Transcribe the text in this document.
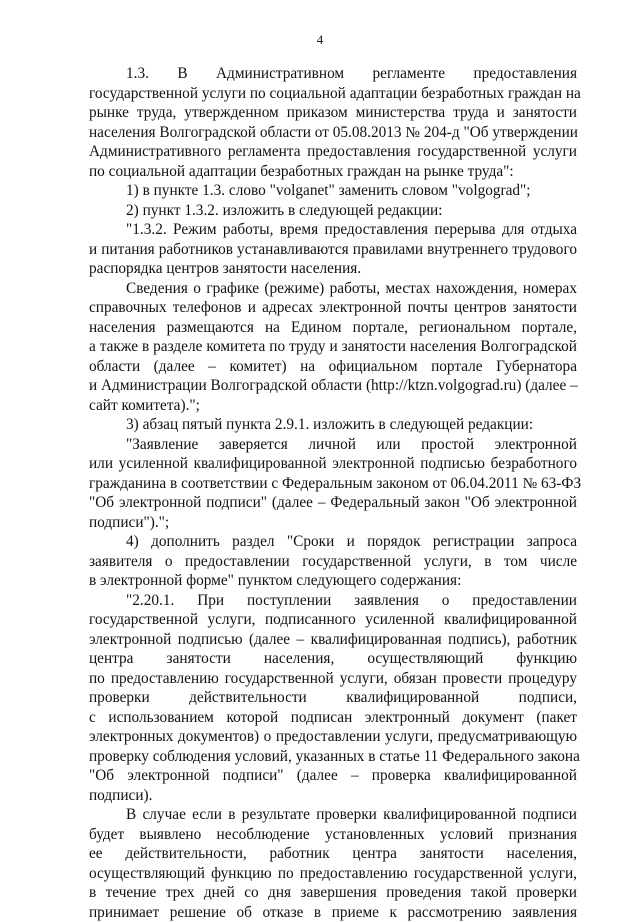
4
1.3. В Административном регламенте предоставления
государственной услуги по социальной адаптации безработных граждан на
рынке труда, утвержденном приказом министерства труда и занятости
населения Волгоградской области от 05.08.2013 № 204-д "Об утверждении
Административного регламента предоставления государственной услуги
по социальной адаптации безработных граждан на рынке труда":
1) в пункте 1.3. слово "volganet" заменить словом "volgograd";
2) пункт 1.3.2. изложить в следующей редакции:
"1.3.2. Режим работы, время предоставления перерыва для отдыха
и питания работников устанавливаются правилами внутреннего трудового
распорядка центров занятости населения.
Сведения о графике (режиме) работы, местах нахождения, номерах
справочных телефонов и адресах электронной почты центров занятости
населения размещаются на Едином портале, региональном портале,
а также в разделе комитета по труду и занятости населения Волгоградской
области (далее – комитет) на официальном портале Губернатора
и Администрации Волгоградской области (http://ktzn.volgograd.ru) (далее –
сайт комитета).";
3) абзац пятый пункта 2.9.1. изложить в следующей редакции:
"Заявление заверяется личной или простой электронной
или усиленной квалифицированной электронной подписью безработного
гражданина в соответствии с Федеральным законом от 06.04.2011 № 63-ФЗ
"Об электронной подписи" (далее – Федеральный закон "Об электронной
подписи").";
4) дополнить раздел "Сроки и порядок регистрации запроса
заявителя о предоставлении государственной услуги, в том числе
в электронной форме" пунктом следующего содержания:
"2.20.1. При поступлении заявления о предоставлении
государственной услуги, подписанного усиленной квалифицированной
электронной подписью (далее – квалифицированная подпись), работник
центра занятости населения, осуществляющий функцию
по предоставлению государственной услуги, обязан провести процедуру
проверки действительности квалифицированной подписи,
с использованием которой подписан электронный документ (пакет
электронных документов) о предоставлении услуги, предусматривающую
проверку соблюдения условий, указанных в статье 11 Федерального закона
"Об электронной подписи" (далее – проверка квалифицированной
подписи).
В случае если в результате проверки квалифицированной подписи
будет выявлено несоблюдение установленных условий признания
ее действительности, работник центра занятости населения,
осуществляющий функцию по предоставлению государственной услуги,
в течение трех дней со дня завершения проведения такой проверки
принимает решение об отказе в приеме к рассмотрению заявления
